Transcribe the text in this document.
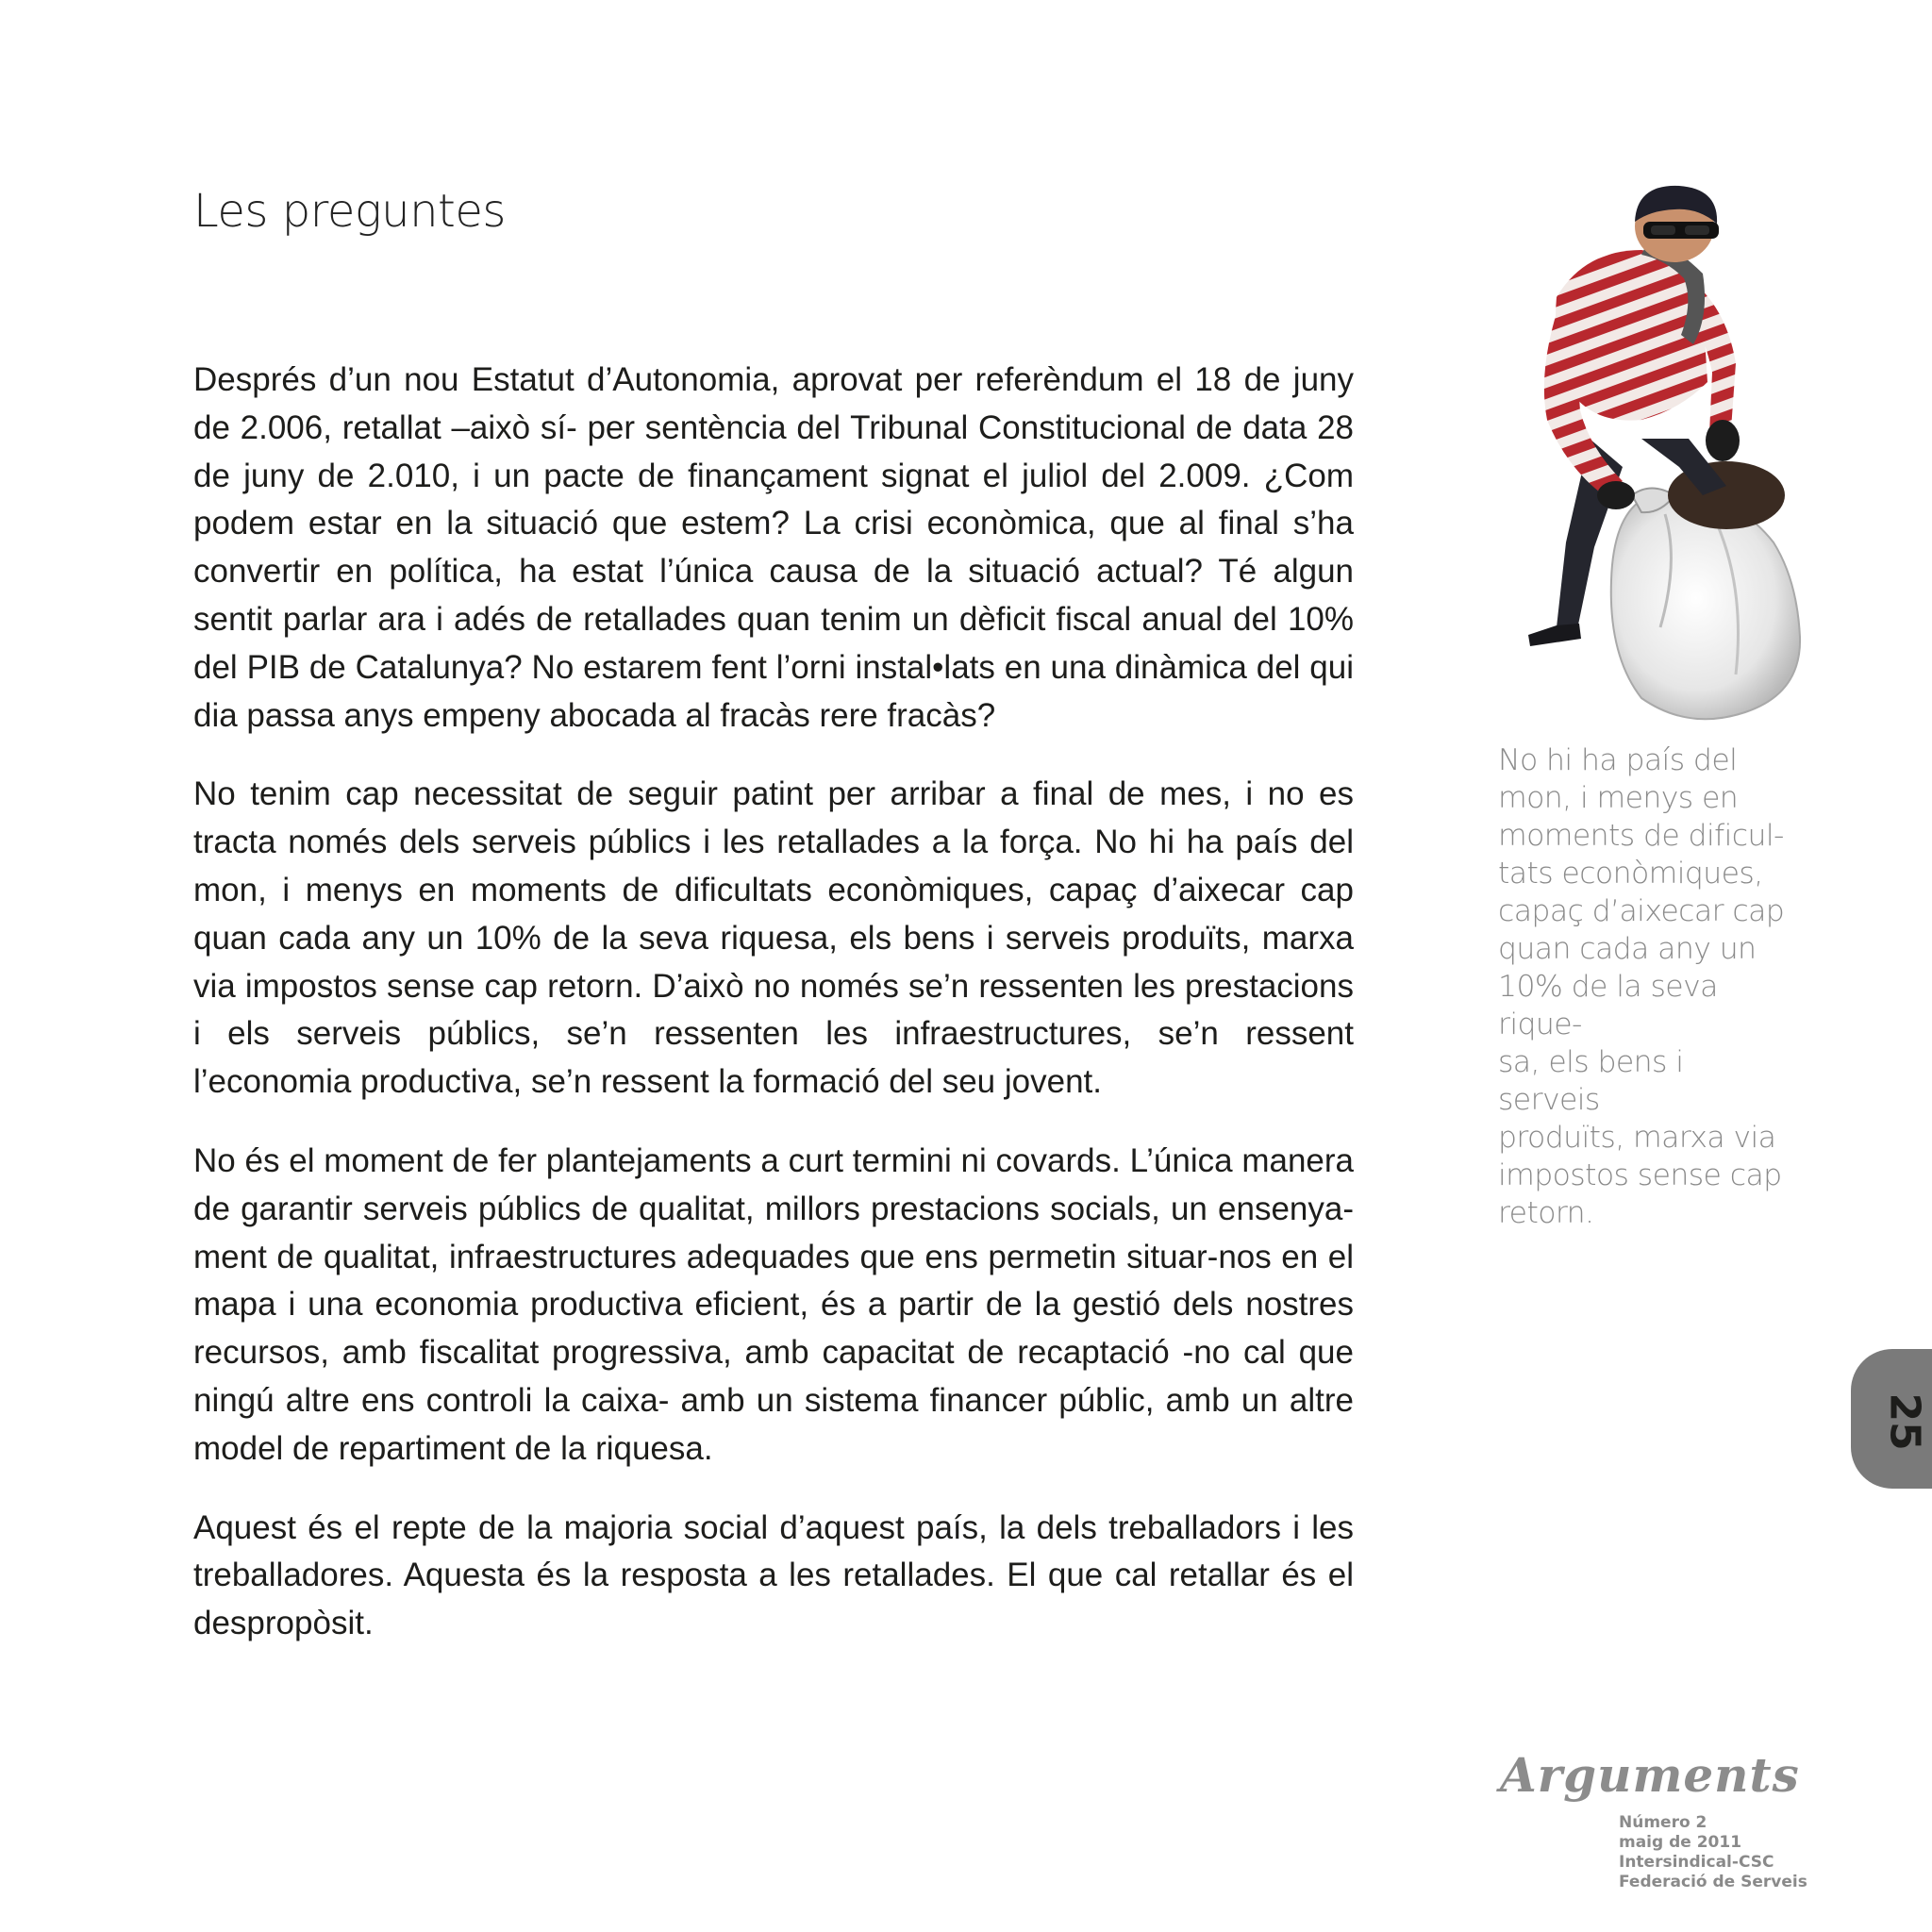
Les preguntes

Després d’un nou Estatut d’Autonomia, aprovat per referèndum el 18 de juny de 2.006, retallat –això sí- per sentència del Tribunal Constitucional de data 28 de juny de 2.010, i un pacte de finançament signat el juliol del 2.009. ¿Com podem estar en la situació que estem? La crisi econòmica, que al final s’ha convertir en política, ha estat l’única causa de la situació actual? Té algun sentit parlar ara i adés de retallades quan tenim un dèficit fiscal anual del 10% del PIB de Catalunya? No estarem fent l’orni instal•lats en una dinàmica del qui dia passa anys empeny abocada al fracàs rere fracàs?

No tenim cap necessitat de seguir patint per arribar a final de mes, i no es tracta només dels serveis públics i les retallades a la força. No hi ha país del mon, i menys en moments de dificultats econòmiques, capaç d’aixecar cap quan cada any un 10% de la seva riquesa, els bens i serveis produïts, marxa via impostos sense cap retorn. D’això no només se’n ressenten les prestacions i els serveis públics, se’n ressenten les infraestructures, se’n ressent l’economia productiva, se’n ressent la formació del seu jovent.

No és el moment de fer plantejaments a curt termini ni covards. L’única manera de garantir serveis públics de qualitat, millors prestacions socials, un ensenya-ment de qualitat, infraestructures adequades que ens permetin situar-nos en el mapa i una economia productiva eficient, és a partir de la gestió dels nostres recursos, amb fiscalitat progressiva, amb capacitat de recaptació -no cal que ningú altre ens controli la caixa- amb un sistema financer públic, amb un altre model de repartiment de la riquesa.

Aquest és el repte de la majoria social d’aquest país, la dels treballadors i les treballadores. Aquesta és la resposta a les retallades. El que cal retallar és el despropòsit.

No hi ha país del
mon, i menys en
moments de dificul-
tats econòmiques,
capaç d’aixecar cap
quan cada any un
10% de la seva rique-
sa, els bens i serveis
produïts, marxa via
impostos sense cap
retorn.
25
Arguments
Número 2
maig de 2011
Intersindical-CSC
Federació de Serveis
